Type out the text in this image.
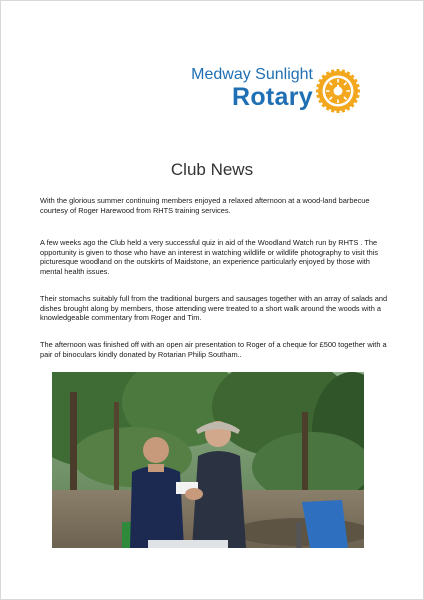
Medway Sunlight
Rotary
Club News

With the glorious summer continuing members enjoyed a relaxed afternoon at a wood-land barbecue courtesy of Roger Harewood from RHTS training services.

A few weeks ago the Club held a very successful quiz in aid of the Woodland Watch run by RHTS . The opportunity is given to those who have an interest in watching wildlife or wildlife photography to visit this picturesque woodland on the outskirts of Maidstone, an experience particularly enjoyed by those with mental health issues.

Their stomachs suitably full from the traditional burgers and sausages together with an array of salads and dishes brought along by members, those attending were treated to a short walk around the woods with a knowledgeable commentary from Roger and Tim.

The afternoon was finished off with an open air presentation to Roger of a cheque for £500 together with a pair of binoculars kindly donated by Rotarian Philip Southam..
